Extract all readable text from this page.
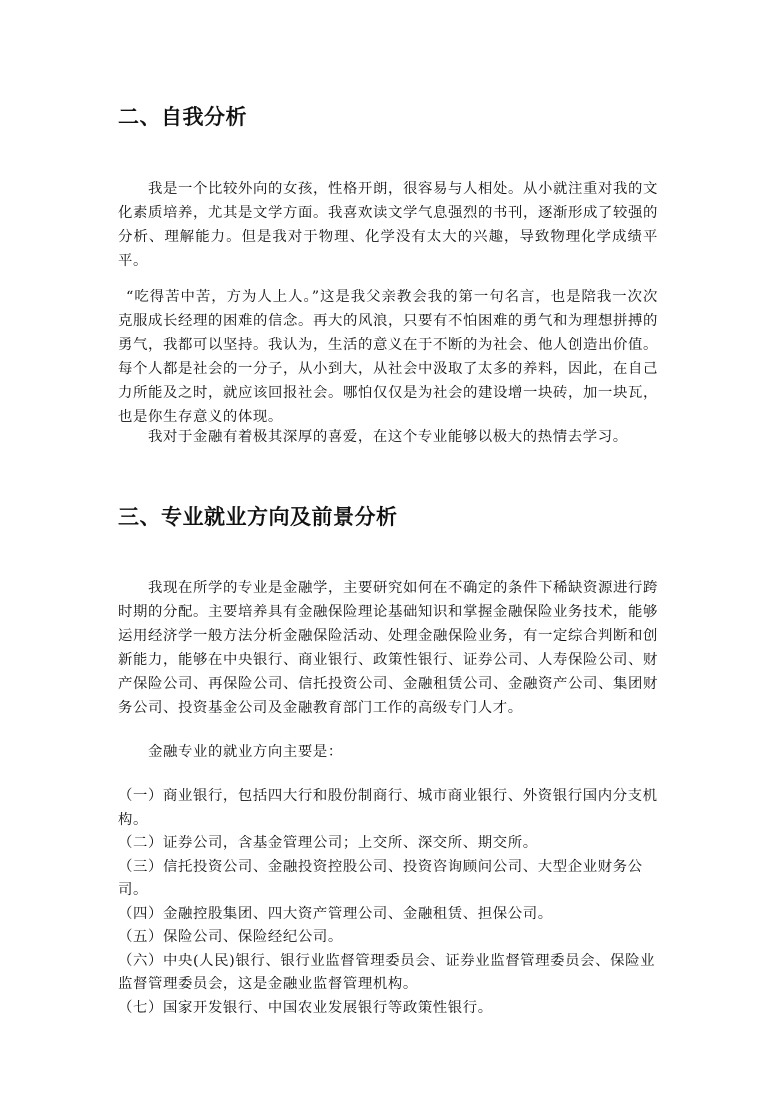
二、自我分析

我是一个比较外向的女孩，性格开朗，很容易与人相处。从小就注重对我的文化素质培养，尤其是文学方面。我喜欢读文学气息强烈的书刊，逐渐形成了较强的分析、理解能力。但是我对于物理、化学没有太大的兴趣，导致物理化学成绩平平。

“吃得苦中苦，方为人上人。”这是我父亲教会我的第一句名言，也是陪我一次次克服成长经理的困难的信念。再大的风浪，只要有不怕困难的勇气和为理想拼搏的勇气，我都可以坚持。我认为，生活的意义在于不断的为社会、他人创造出价值。每个人都是社会的一分子，从小到大，从社会中汲取了太多的养料，因此，在自己力所能及之时，就应该回报社会。哪怕仅仅是为社会的建设增一块砖，加一块瓦，也是你生存意义的体现。

我对于金融有着极其深厚的喜爱，在这个专业能够以极大的热情去学习。

三、专业就业方向及前景分析

我现在所学的专业是金融学，主要研究如何在不确定的条件下稀缺资源进行跨时期的分配。主要培养具有金融保险理论基础知识和掌握金融保险业务技术，能够运用经济学一般方法分析金融保险活动、处理金融保险业务，有一定综合判断和创新能力，能够在中央银行、商业银行、政策性银行、证券公司、人寿保险公司、财产保险公司、再保险公司、信托投资公司、金融租赁公司、金融资产公司、集团财务公司、投资基金公司及金融教育部门工作的高级专门人才。

金融专业的就业方向主要是：

（一）商业银行，包括四大行和股份制商行、城市商业银行、外资银行国内分支机构。
（二）证券公司，含基金管理公司；上交所、深交所、期交所。
（三）信托投资公司、金融投资控股公司、投资咨询顾问公司、大型企业财务公司。
（四）金融控股集团、四大资产管理公司、金融租赁、担保公司。
（五）保险公司、保险经纪公司。
（六）中央(人民)银行、银行业监督管理委员会、证券业监督管理委员会、保险业监督管理委员会，这是金融业监督管理机构。
（七）国家开发银行、中国农业发展银行等政策性银行。
